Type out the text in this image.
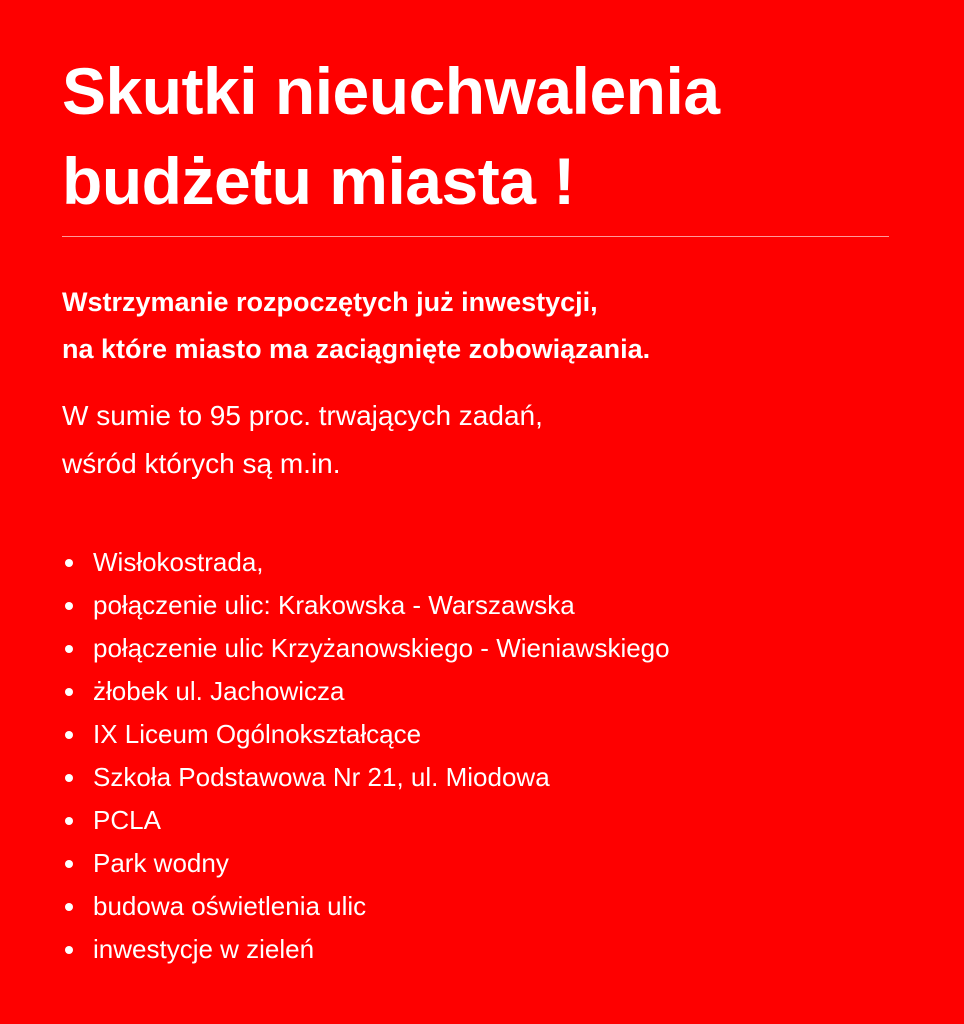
Skutki nieuchwalenia
budżetu miasta !

Wstrzymanie rozpoczętych już inwestycji,
na które miasto ma zaciągnięte zobowiązania.

W sumie to 95 proc. trwających zadań,
wśród których są m.in.

Wisłokostrada,
połączenie ulic: Krakowska - Warszawska
połączenie ulic Krzyżanowskiego - Wieniawskiego
żłobek ul. Jachowicza
IX Liceum Ogólnokształcące
Szkoła Podstawowa Nr 21, ul. Miodowa
PCLA
Park wodny
budowa oświetlenia ulic
inwestycje w zieleń
